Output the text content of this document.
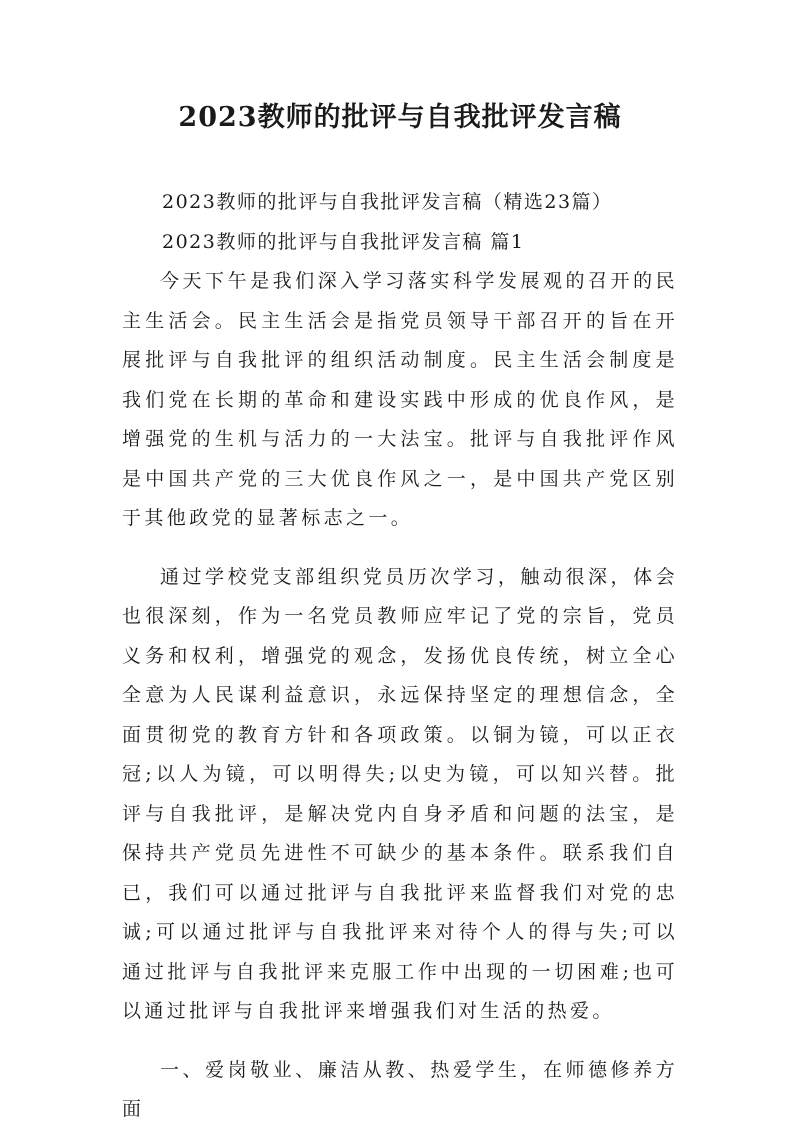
2023教师的批评与自我批评发言稿
2023教师的批评与自我批评发言稿（精选23篇）
2023教师的批评与自我批评发言稿 篇1

今天下午是我们深入学习落实科学发展观的召开的民主生活会。民主生活会是指党员领导干部召开的旨在开展批评与自我批评的组织活动制度。民主生活会制度是我们党在长期的革命和建设实践中形成的优良作风，是增强党的生机与活力的一大法宝。批评与自我批评作风是中国共产党的三大优良作风之一，是中国共产党区别于其他政党的显著标志之一。

通过学校党支部组织党员历次学习，触动很深，体会也很深刻，作为一名党员教师应牢记了党的宗旨，党员义务和权利，增强党的观念，发扬优良传统，树立全心全意为人民谋利益意识，永远保持坚定的理想信念，全面贯彻党的教育方针和各项政策。以铜为镜，可以正衣冠;以人为镜，可以明得失;以史为镜，可以知兴替。批评与自我批评，是解决党内自身矛盾和问题的法宝，是保持共产党员先进性不可缺少的基本条件。联系我们自已，我们可以通过批评与自我批评来监督我们对党的忠诚;可以通过批评与自我批评来对待个人的得与失;可以通过批评与自我批评来克服工作中出现的一切困难;也可以通过批评与自我批评来增强我们对生活的热爱。

一、爱岗敬业、廉洁从教、热爱学生，在师德修养方面
